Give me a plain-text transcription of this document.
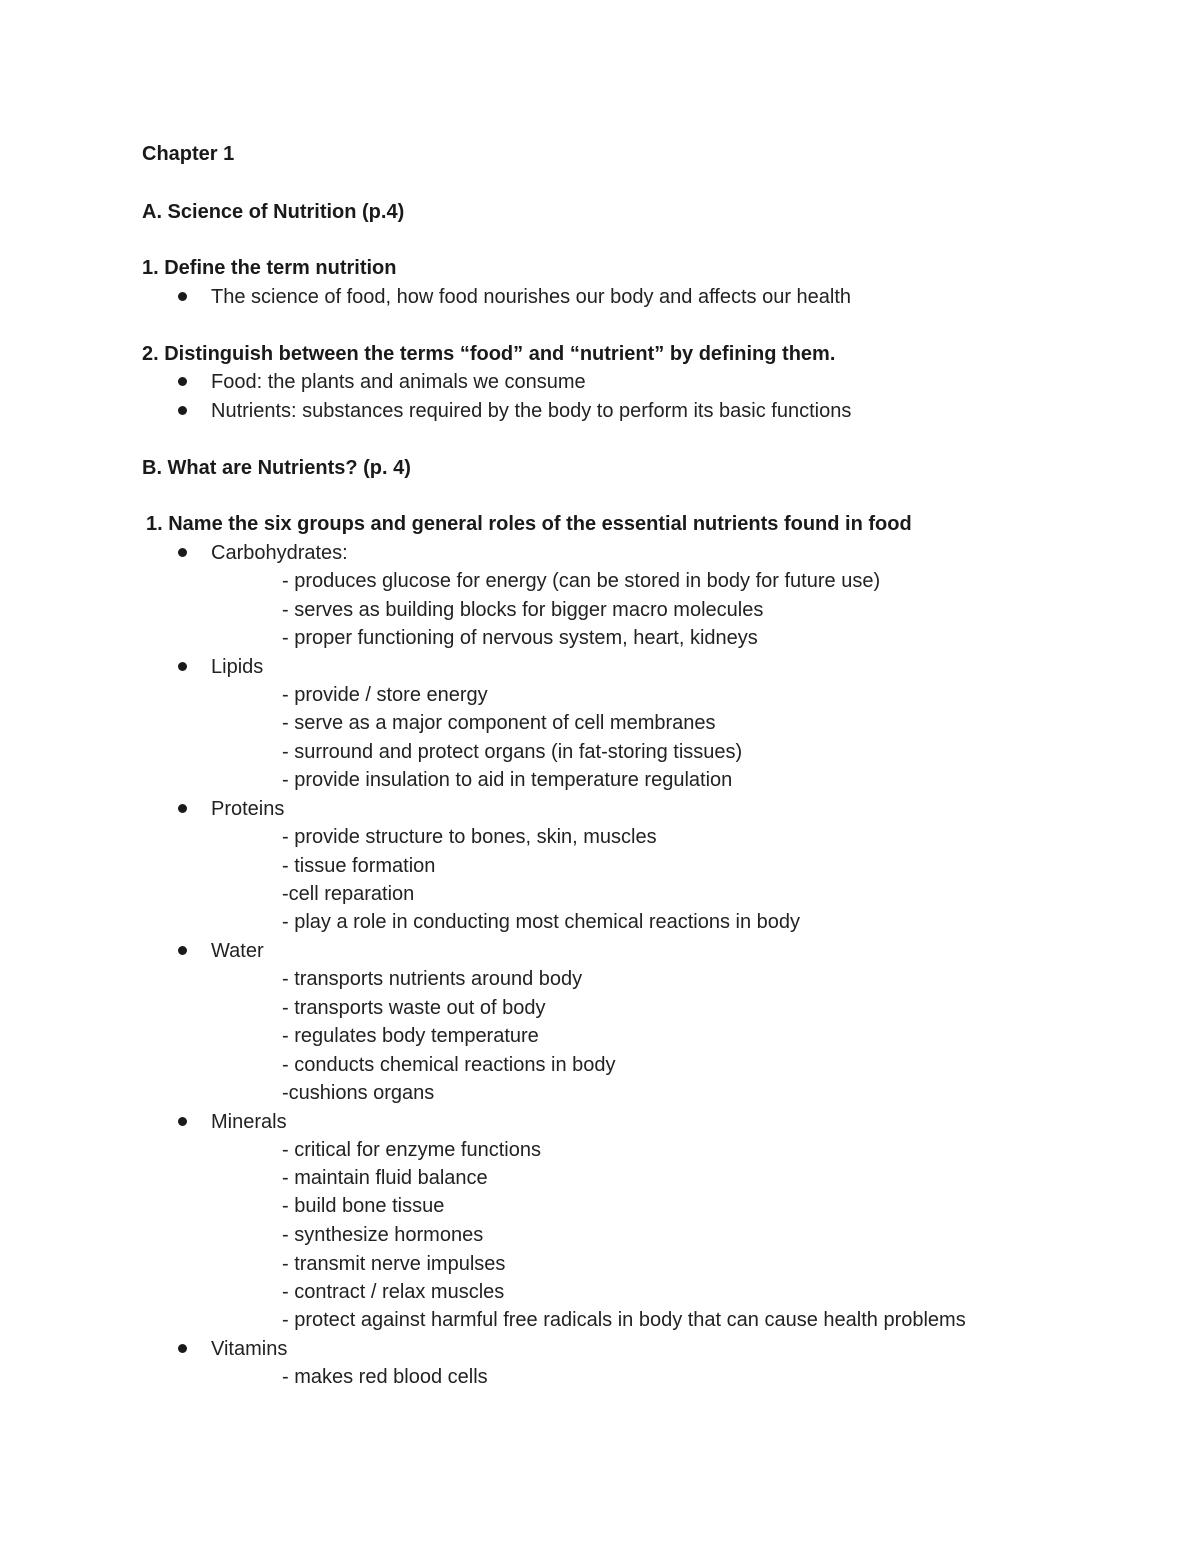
Chapter 1
A. Science of Nutrition (p.4)
1. Define the term nutrition
The science of food, how food nourishes our body and affects our health
2. Distinguish between the terms “food” and “nutrient” by defining them.
Food: the plants and animals we consume
Nutrients: substances required by the body to perform its basic functions
B. What are Nutrients? (p. 4)
1. Name the six groups and general roles of the essential nutrients found in food
Carbohydrates:
- produces glucose for energy (can be stored in body for future use)
- serves as building blocks for bigger macro molecules
- proper functioning of nervous system, heart, kidneys
Lipids
- provide / store energy
- serve as a major component of cell membranes
- surround and protect organs (in fat-storing tissues)
- provide insulation to aid in temperature regulation
Proteins
- provide structure to bones, skin, muscles
- tissue formation
-cell reparation
- play a role in conducting most chemical reactions in body
Water
- transports nutrients around body
- transports waste out of body
- regulates body temperature
- conducts chemical reactions in body
-cushions organs
Minerals
- critical for enzyme functions
- maintain fluid balance
- build bone tissue
- synthesize hormones
- transmit nerve impulses
- contract / relax muscles
- protect against harmful free radicals in body that can cause health problems
Vitamins
- makes red blood cells
